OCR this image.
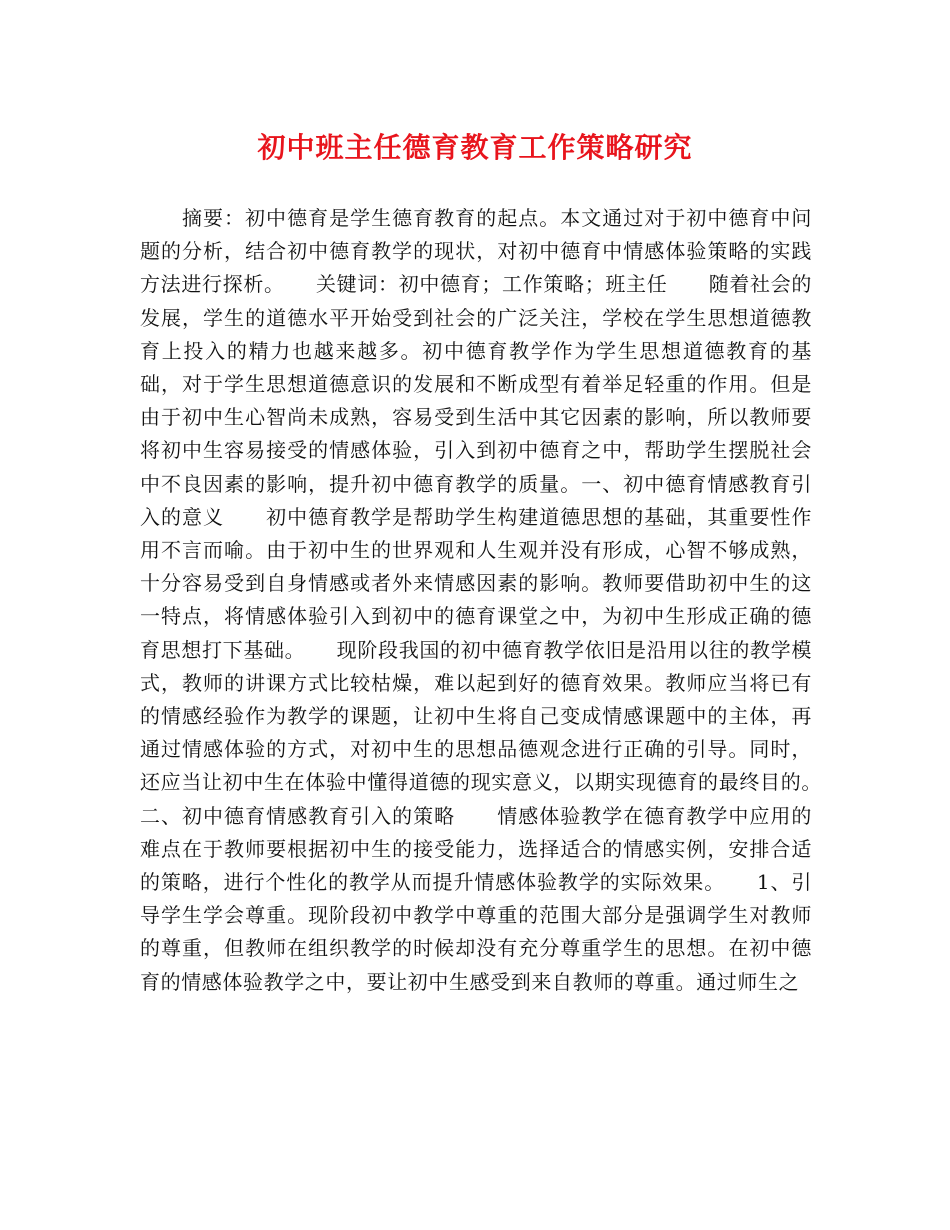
初中班主任德育教育工作策略研究

摘要：初中德育是学生德育教育的起点。本文通过对于初中德育中问题的分析，结合初中德育教学的现状，对初中德育中情感体验策略的实践方法进行探析。　　关键词：初中德育；工作策略；班主任　　随着社会的发展，学生的道德水平开始受到社会的广泛关注，学校在学生思想道德教育上投入的精力也越来越多。初中德育教学作为学生思想道德教育的基础，对于学生思想道德意识的发展和不断成型有着举足轻重的作用。但是由于初中生心智尚未成熟，容易受到生活中其它因素的影响，所以教师要将初中生容易接受的情感体验，引入到初中德育之中，帮助学生摆脱社会中不良因素的影响，提升初中德育教学的质量。一、初中德育情感教育引入的意义　　初中德育教学是帮助学生构建道德思想的基础，其重要性作用不言而喻。由于初中生的世界观和人生观并没有形成，心智不够成熟，十分容易受到自身情感或者外来情感因素的影响。教师要借助初中生的这一特点，将情感体验引入到初中的德育课堂之中，为初中生形成正确的德育思想打下基础。　　现阶段我国的初中德育教学依旧是沿用以往的教学模式，教师的讲课方式比较枯燥，难以起到好的德育效果。教师应当将已有的情感经验作为教学的课题，让初中生将自己变成情感课题中的主体，再通过情感体验的方式，对初中生的思想品德观念进行正确的引导。同时，还应当让初中生在体验中懂得道德的现实意义，以期实现德育的最终目的。　　二、初中德育情感教育引入的策略　　情感体验教学在德育教学中应用的难点在于教师要根据初中生的接受能力，选择适合的情感实例，安排合适的策略，进行个性化的教学从而提升情感体验教学的实际效果。　　1、引导学生学会尊重。现阶段初中教学中尊重的范围大部分是强调学生对教师的尊重，但教师在组织教学的时候却没有充分尊重学生的思想。在初中德育的情感体验教学之中，要让初中生感受到来自教师的尊重。通过师生之
